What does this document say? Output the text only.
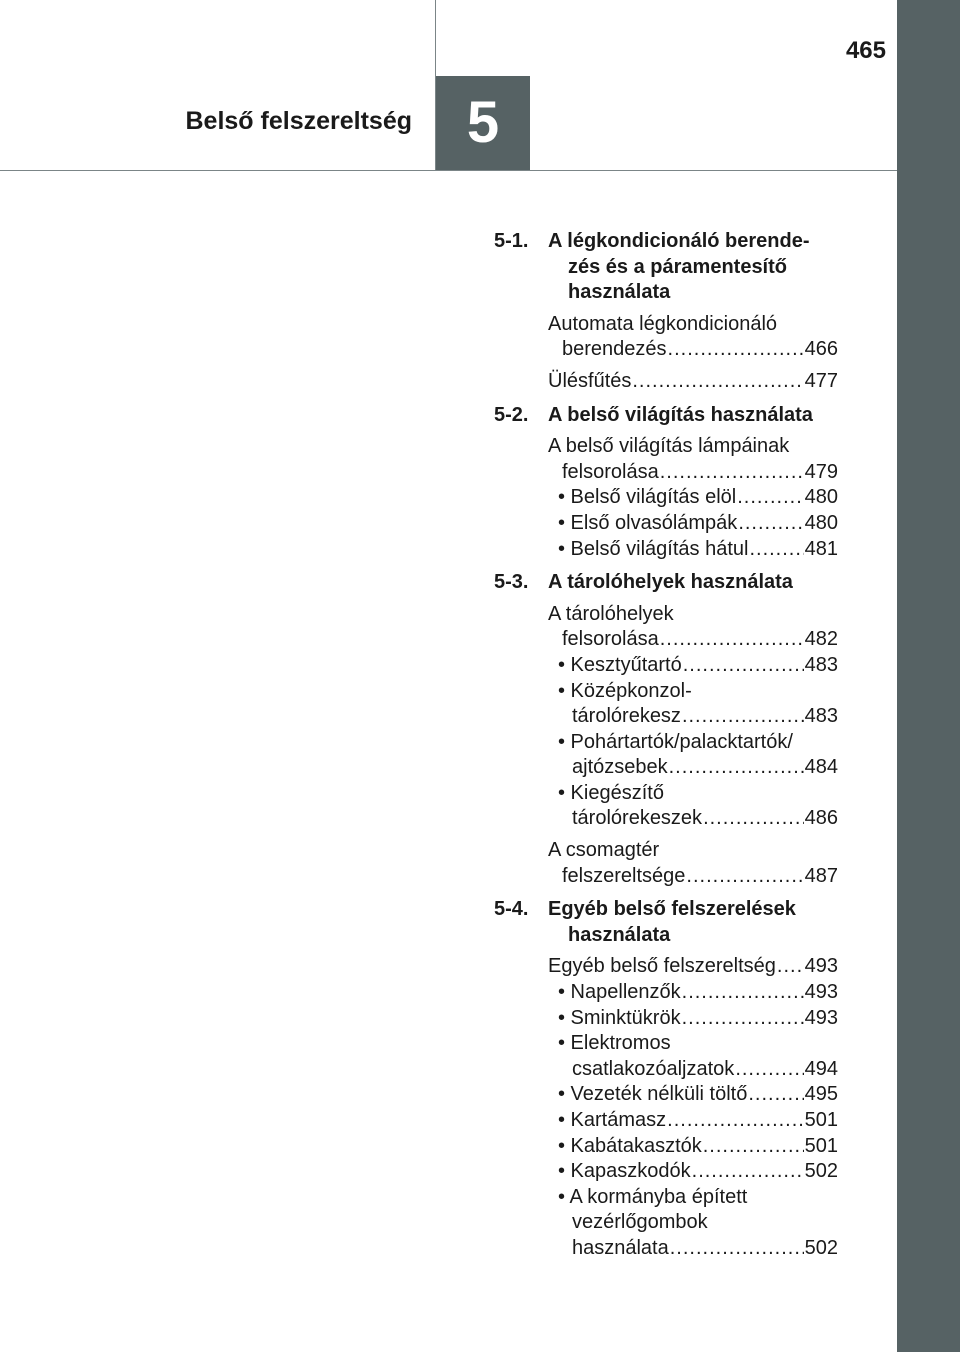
5
Belső felszereltség
465
5-1. A légkondicionáló berende-
zés és a páramentesítő
használata
Automata légkondicionáló
berendezés .....	466
Ülésfűtés .....	477
5-2. A belső világítás használata
A belső világítás lámpáinak
felsorolása .....	479
• Belső világítás elöl .....	480
• Első olvasólámpák .....	480
• Belső világítás hátul .....	481
5-3. A tárolóhelyek használata
A tárolóhelyek
felsorolása .....	482
• Kesztyűtartó .....	483
• Középkonzol-
tárolórekesz .....	483
• Pohártartók/palacktartók/
ajtózsebek .....	484
• Kiegészítő
tárolórekeszek .....	486
A csomagtér
felszereltsége .....	487
5-4. Egyéb belső felszerelések
használata
Egyéb belső felszereltség ..... 493
• Napellenzők .....	493
• Sminktükrök .....	493
• Elektromos
csatlakozóaljzatok .....	494
• Vezeték nélküli töltő .....	495
• Kartámasz .....	501
• Kabátakasztók .....	501
• Kapaszkodók .....	502
• A kormányba épített
vezérlőgombok
használata .....	502
